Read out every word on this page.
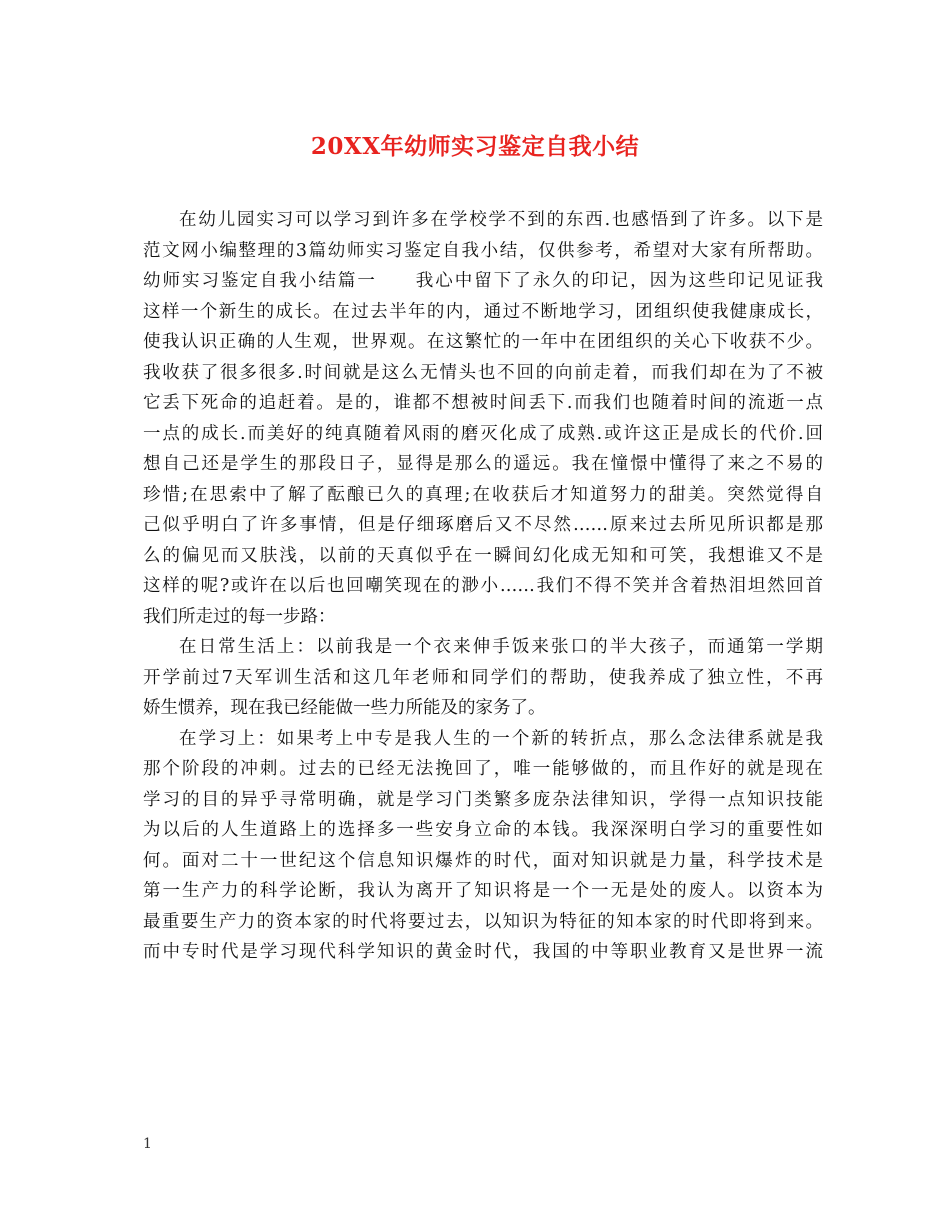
20XX年幼师实习鉴定自我小结
在幼儿园实习可以学习到许多在学校学不到的东西.也感悟到了许多。以下是
范文网小编整理的3篇幼师实习鉴定自我小结，仅供参考，希望对大家有所帮助。
幼师实习鉴定自我小结篇一　　我心中留下了永久的印记，因为这些印记见证我
这样一个新生的成长。在过去半年的内，通过不断地学习，团组织使我健康成长，
使我认识正确的人生观，世界观。在这繁忙的一年中在团组织的关心下收获不少。
我收获了很多很多.时间就是这么无情头也不回的向前走着，而我们却在为了不被
它丢下死命的追赶着。是的，谁都不想被时间丢下.而我们也随着时间的流逝一点
一点的成长.而美好的纯真随着风雨的磨灭化成了成熟.或许这正是成长的代价.回
想自己还是学生的那段日子，显得是那么的遥远。我在憧憬中懂得了来之不易的
珍惜;在思索中了解了酝酿已久的真理;在收获后才知道努力的甜美。突然觉得自
己似乎明白了许多事情，但是仔细琢磨后又不尽然……原来过去所见所识都是那
么的偏见而又肤浅，以前的天真似乎在一瞬间幻化成无知和可笑，我想谁又不是
这样的呢?或许在以后也回嘲笑现在的渺小……我们不得不笑并含着热泪坦然回首
我们所走过的每一步路：
在日常生活上：以前我是一个衣来伸手饭来张口的半大孩子，而通第一学期
开学前过7天军训生活和这几年老师和同学们的帮助，使我养成了独立性，不再
娇生惯养，现在我已经能做一些力所能及的家务了。
在学习上：如果考上中专是我人生的一个新的转折点，那么念法律系就是我
那个阶段的冲刺。过去的已经无法挽回了，唯一能够做的，而且作好的就是现在
学习的目的异乎寻常明确，就是学习门类繁多庞杂法律知识，学得一点知识技能
为以后的人生道路上的选择多一些安身立命的本钱。我深深明白学习的重要性如
何。面对二十一世纪这个信息知识爆炸的时代，面对知识就是力量，科学技术是
第一生产力的科学论断，我认为离开了知识将是一个一无是处的废人。以资本为
最重要生产力的资本家的时代将要过去，以知识为特征的知本家的时代即将到来。
而中专时代是学习现代科学知识的黄金时代，我国的中等职业教育又是世界一流
1
